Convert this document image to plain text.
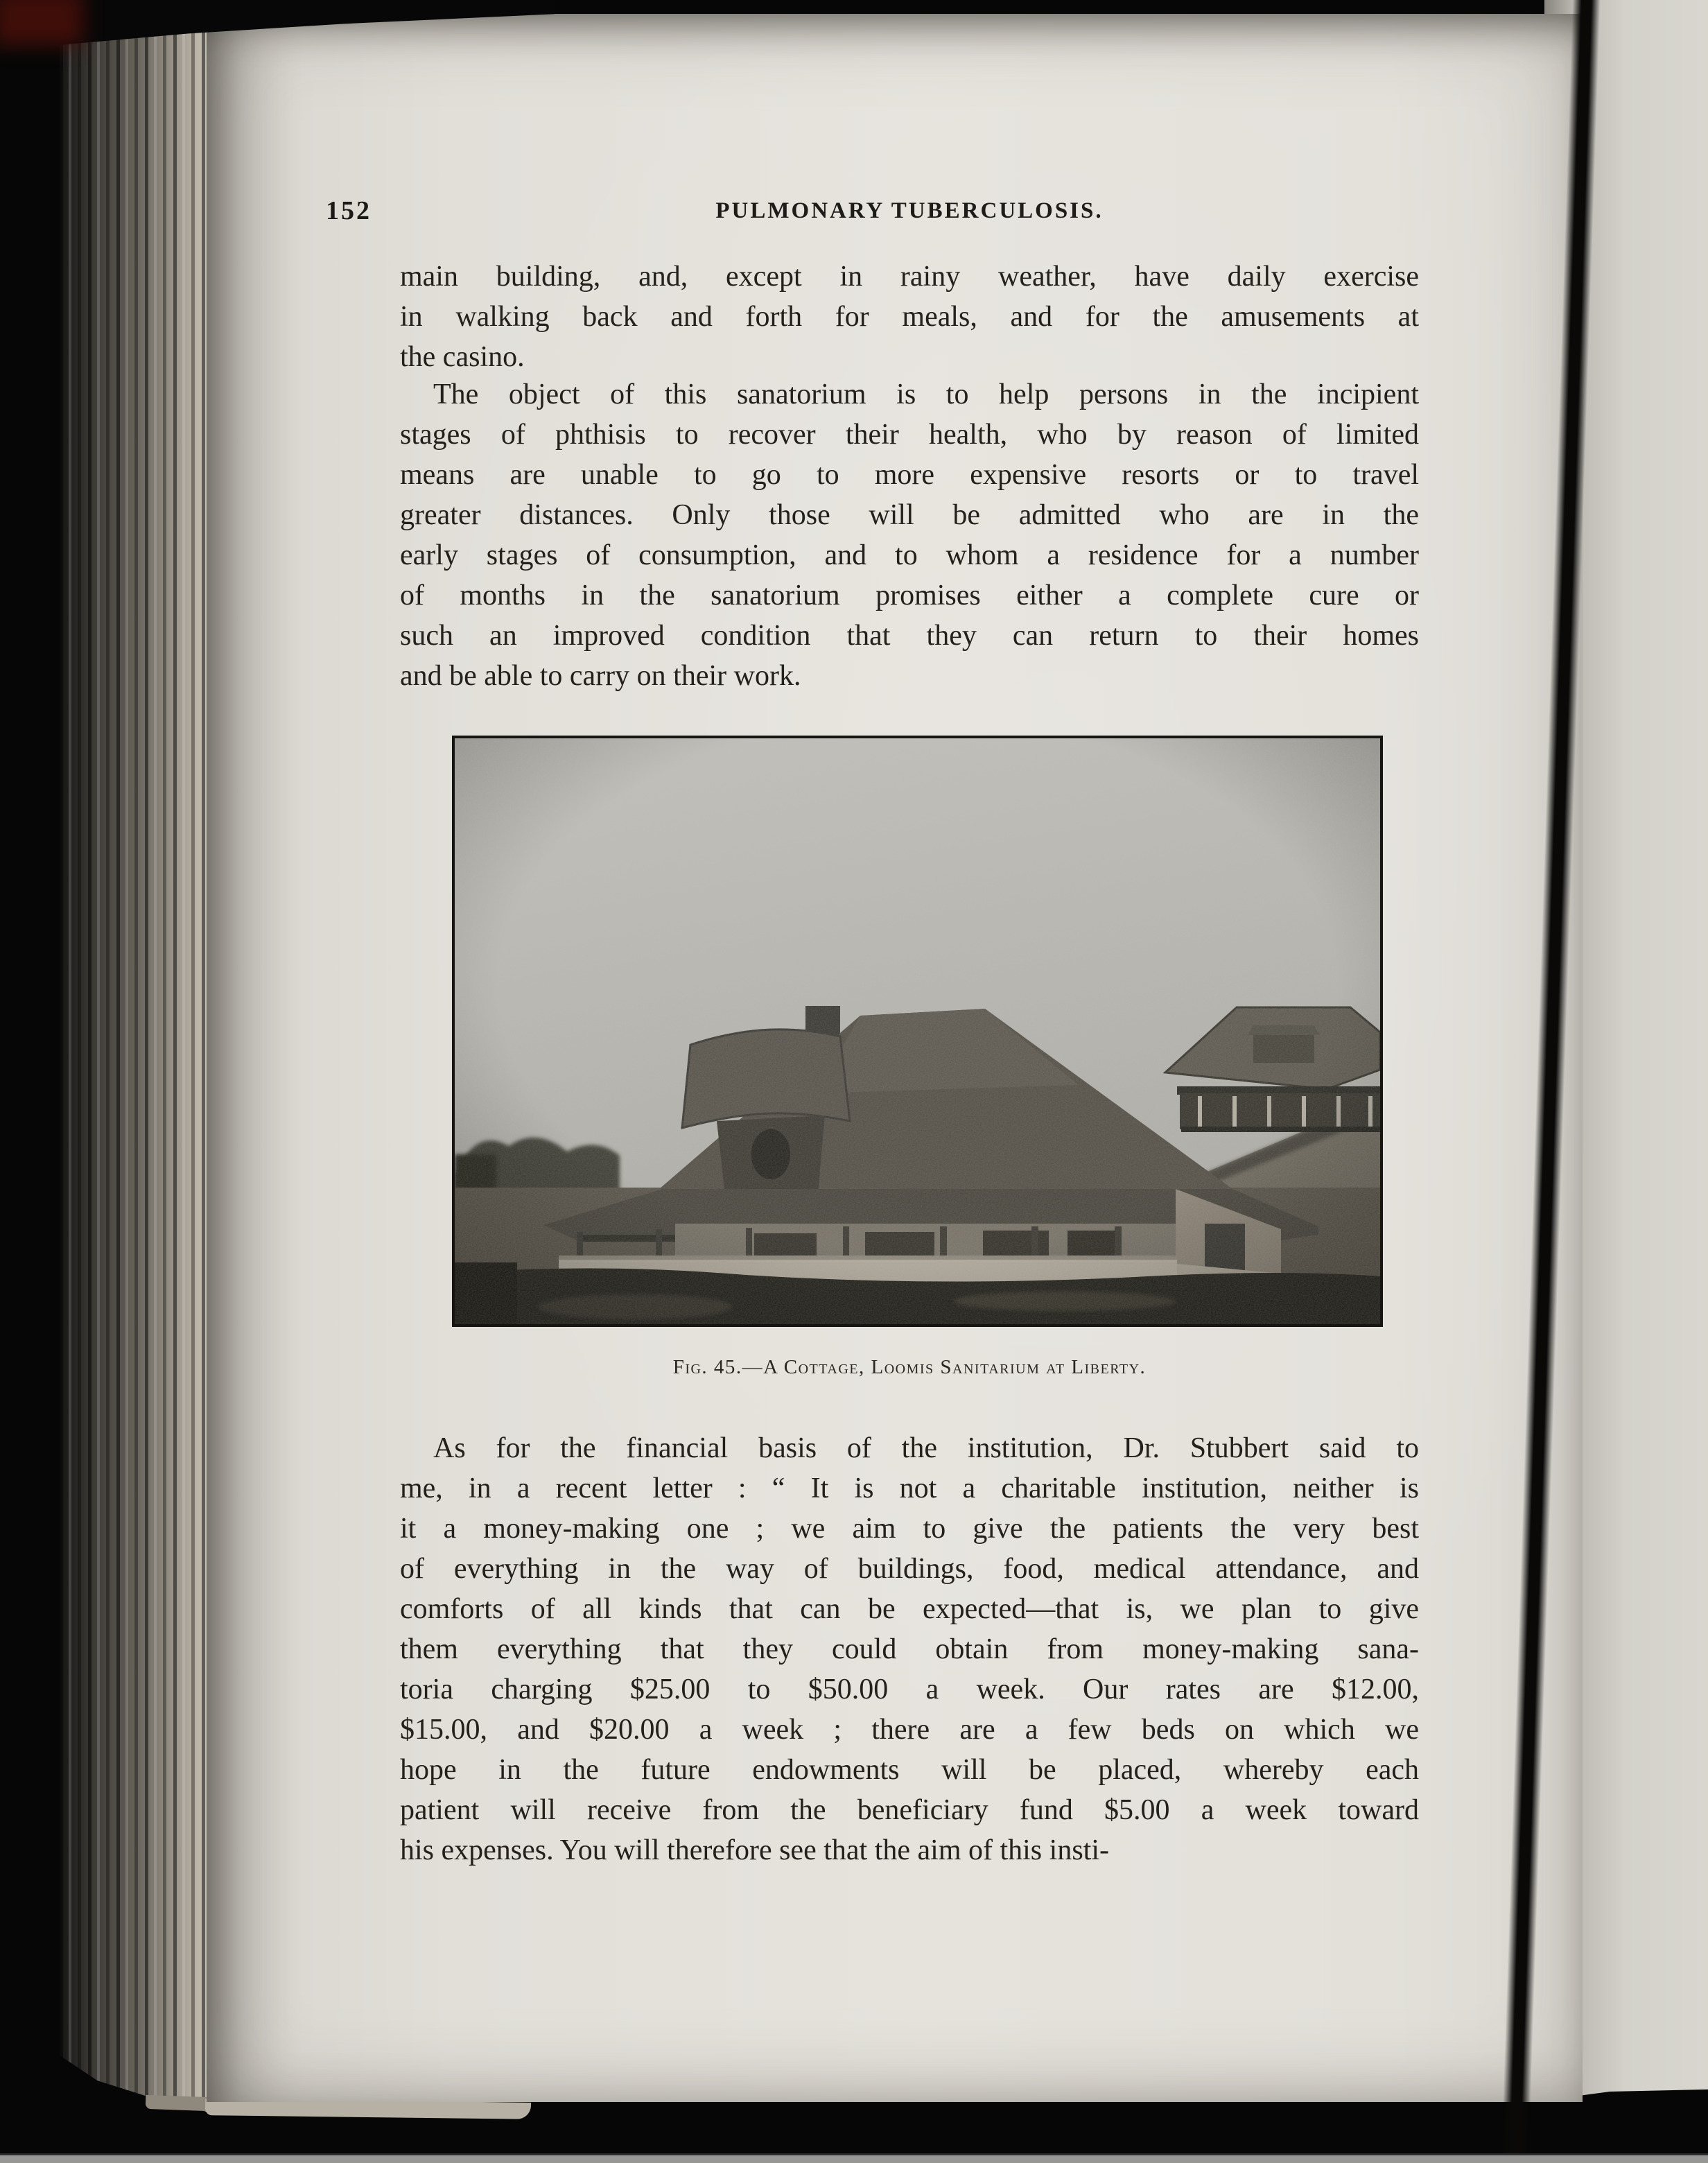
152	PULMONARY TUBERCULOSIS.
main building, and, except in rainy weather, have daily exercise
in walking back and forth for meals, and for the amusements at
the casino.
The object of this sanatorium is to help persons in the incipient
stages of phthisis to recover their health, who by reason of limited
means are unable to go to more expensive resorts or to travel
greater distances. Only those will be admitted who are in the
early stages of consumption, and to whom a residence for a number
of months in the sanatorium promises either a complete cure or
such an improved condition that they can return to their homes
and be able to carry on their work.
Fig. 45.—A Cottage, Loomis Sanitarium at Liberty.
As for the financial basis of the institution, Dr. Stubbert said to
me, in a recent letter : “ It is not a charitable institution, neither is
it a money-making one ; we aim to give the patients the very best
of everything in the way of buildings, food, medical attendance, and
comforts of all kinds that can be expected—that is, we plan to give
them everything that they could obtain from money-making sana-
toria charging $25.00 to $50.00 a week. Our rates are $12.00,
$15.00, and $20.00 a week ; there are a few beds on which we
hope in the future endowments will be placed, whereby each
patient will receive from the beneficiary fund $5.00 a week toward
his expenses. You will therefore see that the aim of this insti-
